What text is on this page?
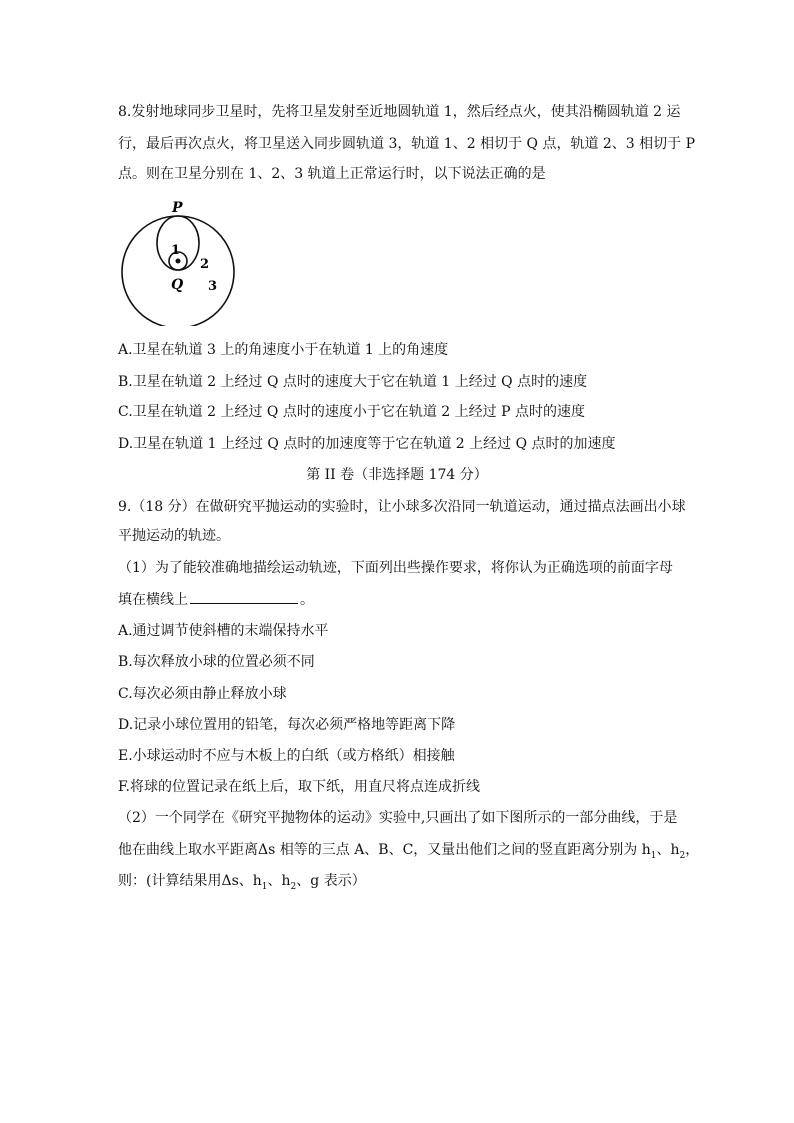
8.发射地球同步卫星时，先将卫星发射至近地圆轨道 1，然后经点火，使其沿椭圆轨道 2 运
行，最后再次点火，将卫星送入同步圆轨道 3，轨道 1、2 相切于 Q 点，轨道 2、3 相切于 P
点。则在卫星分别在 1、2、3 轨道上正常运行时，以下说法正确的是
P
1
2
Q 3
A.卫星在轨道 3 上的角速度小于在轨道 1 上的角速度
B.卫星在轨道 2 上经过 Q 点时的速度大于它在轨道 1 上经过 Q 点时的速度
C.卫星在轨道 2 上经过 Q 点时的速度小于它在轨道 2 上经过 P 点时的速度
D.卫星在轨道 1 上经过 Q 点时的加速度等于它在轨道 2 上经过 Q 点时的加速度
第 II 卷（非选择题 174 分）
9.（18 分）在做研究平抛运动的实验时，让小球多次沿同一轨道运动，通过描点法画出小球
平抛运动的轨迹。
（1）为了能较准确地描绘运动轨迹，下面列出些操作要求，将你认为正确选项的前面字母
填在横线上	。
A.通过调节使斜槽的末端保持水平
B.每次释放小球的位置必须不同
C.每次必须由静止释放小球
D.记录小球位置用的铅笔，每次必须严格地等距离下降
E.小球运动时不应与木板上的白纸（或方格纸）相接触
F.将球的位置记录在纸上后，取下纸，用直尺将点连成折线
（2）一个同学在《研究平抛物体的运动》实验中,只画出了如下图所示的一部分曲线，于是
他在曲线上取水平距离Δs 相等的三点 A、B、C，又量出他们之间的竖直距离分别为 $h_1$、$h_2$，
则：(计算结果用Δs、$h_1$、$h_2$、g 表示）
